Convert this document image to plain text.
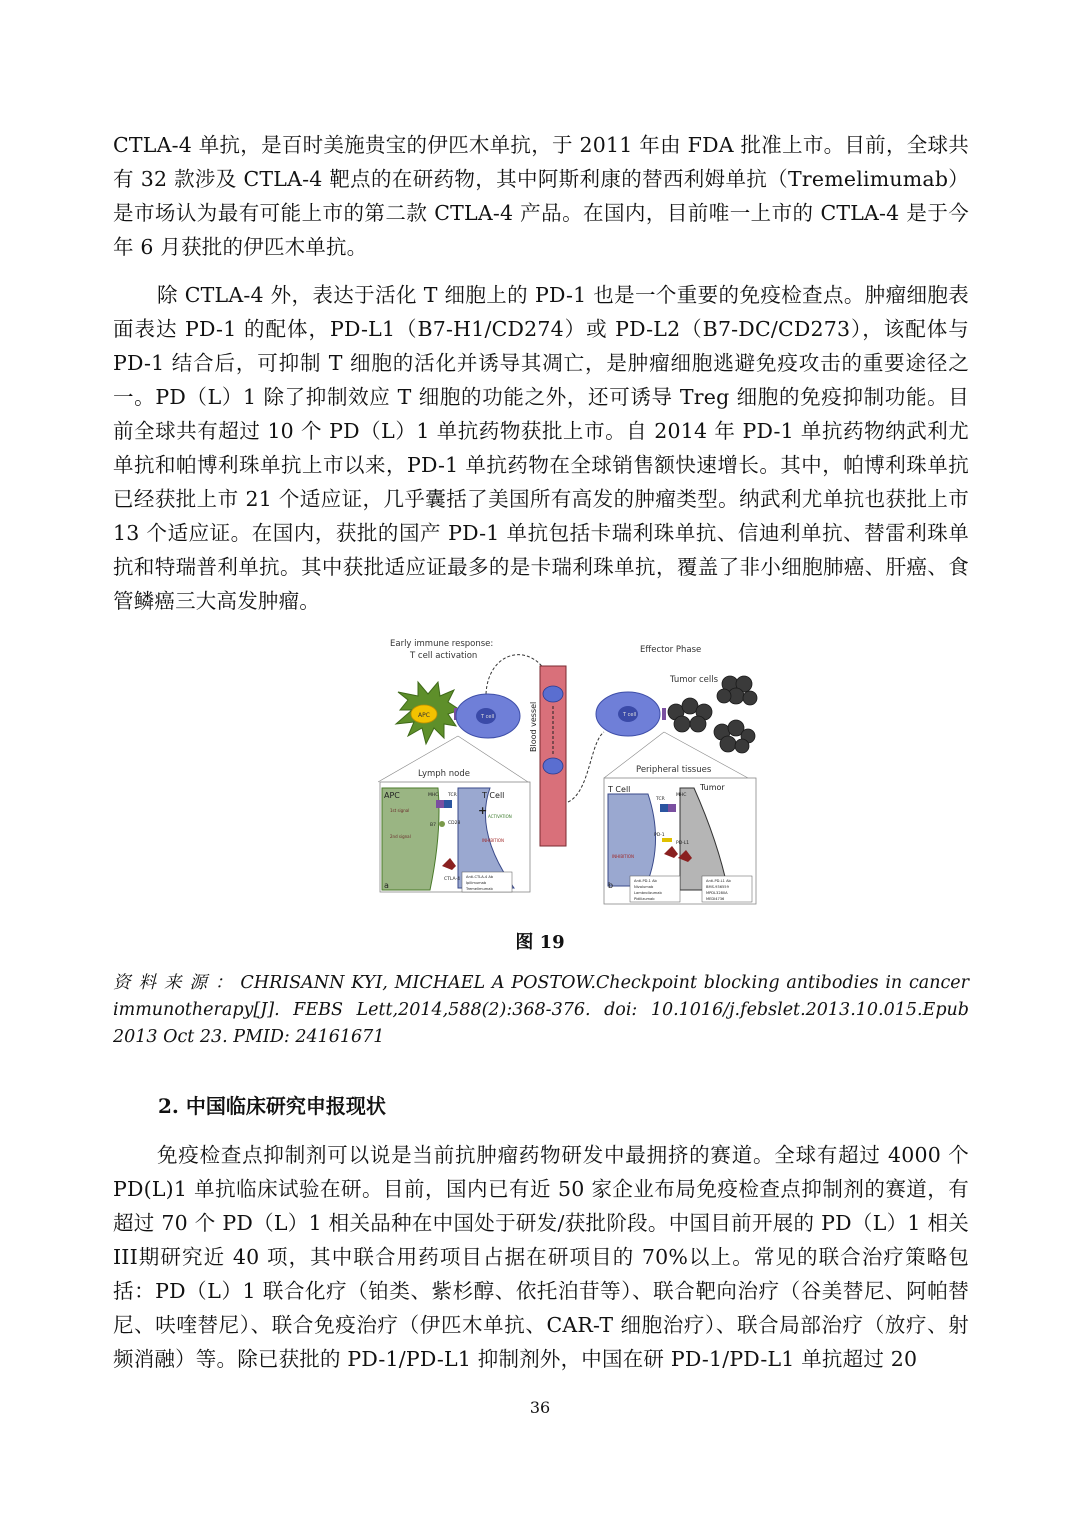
CTLA-4 单抗，是百时美施贵宝的伊匹木单抗，于 2011 年由 FDA 批准上市。目前，全球共有 32 款涉及 CTLA-4 靶点的在研药物，其中阿斯利康的替西利姆单抗（Tremelimumab）是市场认为最有可能上市的第二款 CTLA-4 产品。在国内，目前唯一上市的 CTLA-4 是于今年 6 月获批的伊匹木单抗。

除 CTLA-4 外，表达于活化 T 细胞上的 PD-1 也是一个重要的免疫检查点。肿瘤细胞表面表达 PD-1 的配体，PD-L1（B7-H1/CD274）或 PD-L2（B7-DC/CD273），该配体与 PD-1 结合后，可抑制 T 细胞的活化并诱导其凋亡，是肿瘤细胞逃避免疫攻击的重要途径之一。PD（L）1 除了抑制效应 T 细胞的功能之外，还可诱导 Treg 细胞的免疫抑制功能。目前全球共有超过 10 个 PD（L）1 单抗药物获批上市。自 2014 年 PD-1 单抗药物纳武利尤单抗和帕博利珠单抗上市以来，PD-1 单抗药物在全球销售额快速增长。其中，帕博利珠单抗已经获批上市 21 个适应证，几乎囊括了美国所有高发的肿瘤类型。纳武利尤单抗也获批上市 13 个适应证。在国内，获批的国产 PD-1 单抗包括卡瑞利珠单抗、信迪利单抗、替雷利珠单抗和特瑞普利单抗。其中获批适应证最多的是卡瑞利珠单抗，覆盖了非小细胞肺癌、肝癌、食管鳞癌三大高发肿瘤。

Early immune response:
T cell activation
Effector Phase
Tumor cells
APC	T cell	Blood vessel	T cell
Lymph node	Peripheral tissues
APC	T Cell
MHC TCR
1st signal
2nd signal
B7	CD28
+ ACTIVATION
INHIBITION
CTLA-4
a
Anti-CTLA-4 Ab
Ipilimumab
Tremelimumab
T Cell	Tumor
TCR
MHC
PD-1
PD-L1
INHIBITION
b	Anti-PD-1 Ab
Nivolumab
Lambrolizumab
Pidilizumab
Anti-PD-L1 Ab
BMS-936559
MPDL3280A
MEDI4736
图 19

资 料 来 源 ： CHRISANN KYI, MICHAEL A POSTOW.Checkpoint blocking antibodies in cancer immunotherapy[J]. FEBS Lett,2014,588(2):368-376. doi: 10.1016/j.febslet.2013.10.015.Epub 2013 Oct 23. PMID: 24161671

2. 中国临床研究申报现状

免疫检查点抑制剂可以说是当前抗肿瘤药物研发中最拥挤的赛道。全球有超过 4000 个 PD(L)1 单抗临床试验在研。目前，国内已有近 50 家企业布局免疫检查点抑制剂的赛道，有超过 70 个 PD（L）1 相关品种在中国处于研发/获批阶段。中国目前开展的 PD（L）1 相关III期研究近 40 项，其中联合用药项目占据在研项目的 70%以上。常见的联合治疗策略包括：PD（L）1 联合化疗（铂类、紫杉醇、依托泊苷等）、联合靶向治疗（谷美替尼、阿帕替尼、呋喹替尼）、联合免疫治疗（伊匹木单抗、CAR-T 细胞治疗）、联合局部治疗（放疗、射频消融）等。除已获批的 PD-1/PD-L1 抑制剂外，中国在研 PD-1/PD-L1 单抗超过 20

36
